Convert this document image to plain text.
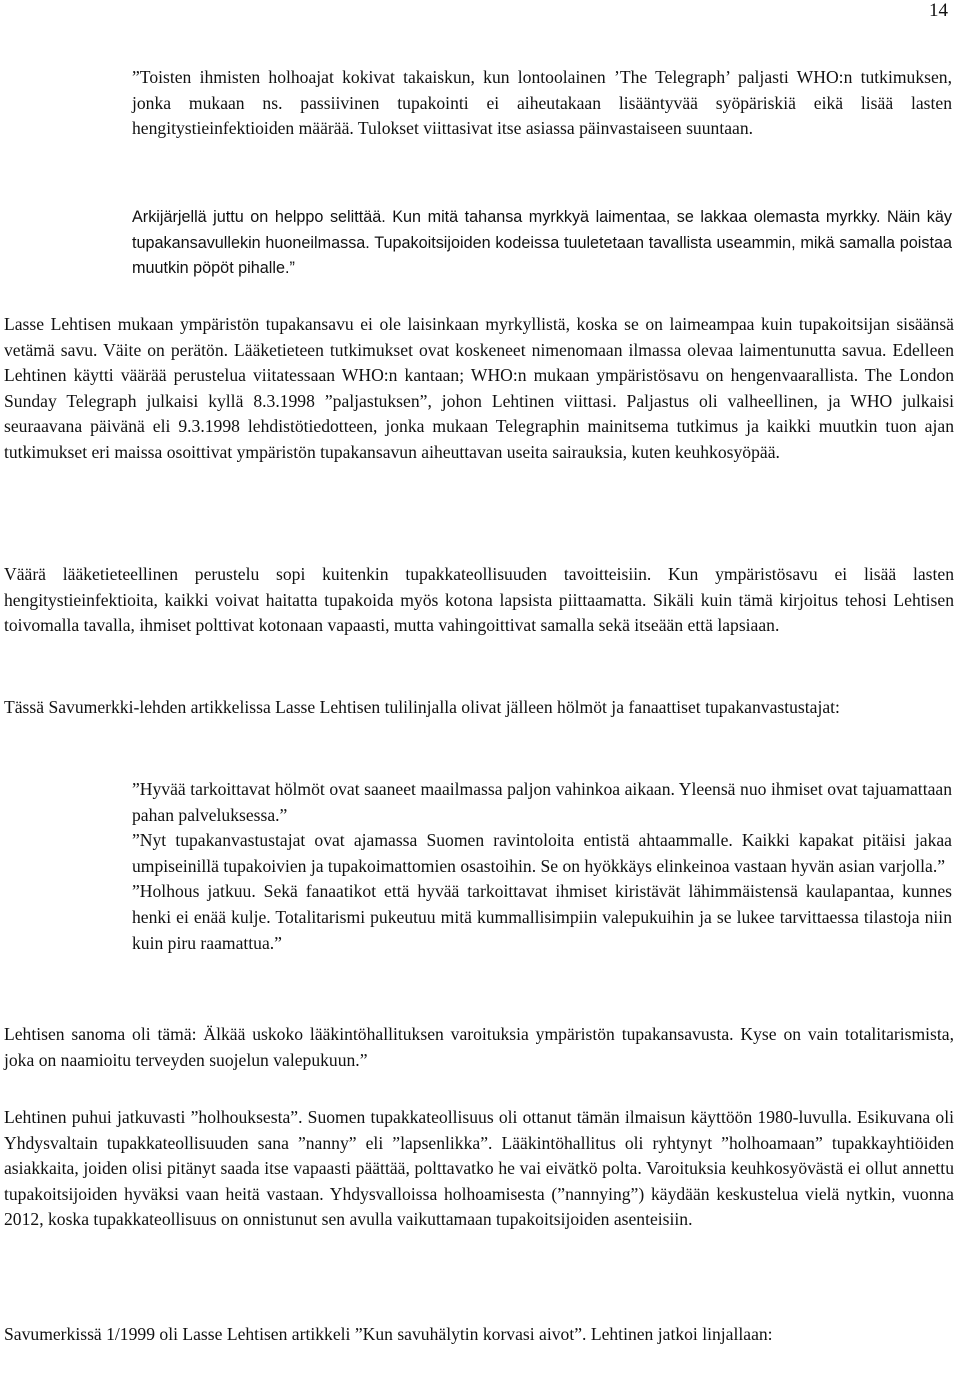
14

”Toisten ihmisten holhoajat kokivat takaiskun, kun lontoolainen ’The Telegraph’ paljasti WHO:n tutkimuksen, jonka mukaan ns. passiivinen tupakointi ei aiheutakaan lisääntyvää syöpäriskiä eikä lisää lasten hengitystieinfektioiden määrää. Tulokset viittasivat itse asiassa päinvastaiseen suuntaan.

Arkijärjellä juttu on helppo selittää. Kun mitä tahansa myrkkyä laimentaa, se lakkaa olemasta myrkky. Näin käy tupakansavullekin huoneilmassa. Tupakoitsijoiden kodeissa tuuletetaan tavallista useammin, mikä samalla poistaa muutkin pöpöt pihalle.”

Lasse Lehtisen mukaan ympäristön tupakansavu ei ole laisinkaan myrkyllistä, koska se on laimeampaa kuin tupakoitsijan sisäänsä vetämä savu. Väite on perätön. Lääketieteen tutkimukset ovat koskeneet nimenomaan ilmassa olevaa laimentunutta savua. Edelleen Lehtinen käytti väärää perustelua viitatessaan WHO:n kantaan; WHO:n mukaan ympäristösavu on hengenvaarallista. The London Sunday Telegraph julkaisi kyllä 8.3.1998 ”paljastuksen”, johon Lehtinen viittasi. Paljastus oli valheellinen, ja WHO julkaisi seuraavana päivänä eli 9.3.1998 lehdistötiedotteen, jonka mukaan Telegraphin mainitsema tutkimus ja kaikki muutkin tuon ajan tutkimukset eri maissa osoittivat ympäristön tupakansavun aiheuttavan useita sairauksia, kuten keuhkosyöpää.

Väärä lääketieteellinen perustelu sopi kuitenkin tupakkateollisuuden tavoitteisiin. Kun ympäristösavu ei lisää lasten hengitystieinfektioita, kaikki voivat haitatta tupakoida myös kotona lapsista piittaamatta. Sikäli kuin tämä kirjoitus tehosi Lehtisen toivomalla tavalla, ihmiset polttivat kotonaan vapaasti, mutta vahingoittivat samalla sekä itseään että lapsiaan.

Tässä Savumerkki-lehden artikkelissa Lasse Lehtisen tulilinjalla olivat jälleen hölmöt ja fanaattiset tupakanvastustajat:

”Hyvää tarkoittavat hölmöt ovat saaneet maailmassa paljon vahinkoa aikaan. Yleensä nuo ihmiset ovat tajuamattaan pahan palveluksessa.”
”Nyt tupakanvastustajat ovat ajamassa Suomen ravintoloita entistä ahtaammalle. Kaikki kapakat pitäisi jakaa umpiseinillä tupakoivien ja tupakoimattomien osastoihin. Se on hyökkäys elinkeinoa vastaan hyvän asian varjolla.”
”Holhous jatkuu. Sekä fanaatikot että hyvää tarkoittavat ihmiset kiristävät lähimmäistensä kaulapantaa, kunnes henki ei enää kulje. Totalitarismi pukeutuu mitä kummallisimpiin valepukuihin ja se lukee tarvittaessa tilastoja niin kuin piru raamattua.”

Lehtisen sanoma oli tämä: Älkää uskoko lääkintöhallituksen varoituksia ympäristön tupakansavusta. Kyse on vain totalitarismista, joka on naamioitu terveyden suojelun valepukuun.”

Lehtinen puhui jatkuvasti ”holhouksesta”. Suomen tupakkateollisuus oli ottanut tämän ilmaisun käyttöön 1980-luvulla. Esikuvana oli Yhdysvaltain tupakkateollisuuden sana ”nanny” eli ”lapsenlikka”. Lääkintöhallitus oli ryhtynyt ”holhoamaan” tupakkayhtiöiden asiakkaita, joiden olisi pitänyt saada itse vapaasti päättää, polttavatko he vai eivätkö polta. Varoituksia keuhkosyövästä ei ollut annettu tupakoitsijoiden hyväksi vaan heitä vastaan. Yhdysvalloissa holhoamisesta (”nannying”) käydään keskustelua vielä nytkin, vuonna 2012, koska tupakkateollisuus on onnistunut sen avulla vaikuttamaan tupakoitsijoiden asenteisiin.

Savumerkissä 1/1999 oli Lasse Lehtisen artikkeli ”Kun savuhälytin korvasi aivot”. Lehtinen jatkoi linjallaan:
